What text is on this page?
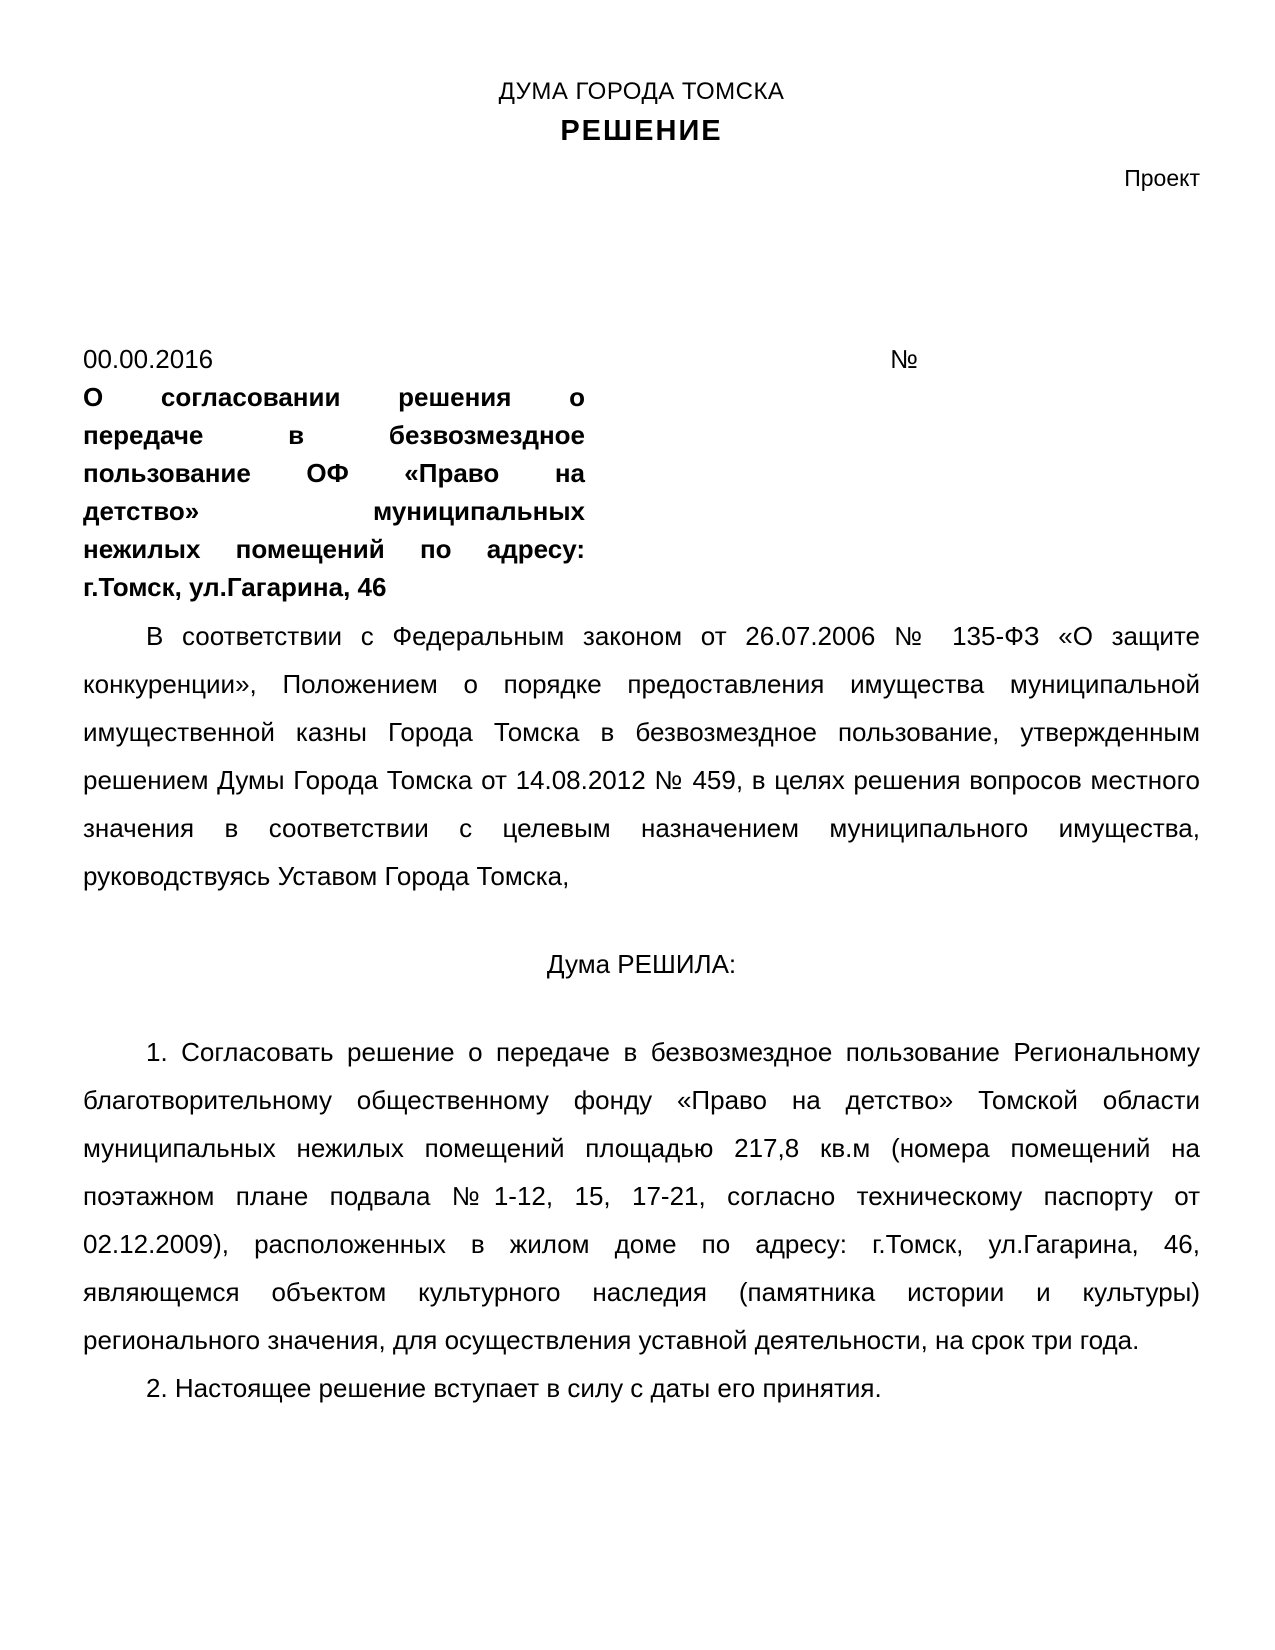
ДУМА ГОРОДА ТОМСКА
РЕШЕНИЕ
Проект
00.00.2016	№
О согласовании решения о
передаче в безвозмездное
пользование ОФ «Право на
детство» муниципальных
нежилых помещений по адресу:
г.Томск, ул.Гагарина, 46

В соответствии с Федеральным законом от 26.07.2006 № 135-ФЗ «О защите конкуренции», Положением о порядке предоставления имущества муниципальной имущественной казны Города Томска в безвозмездное пользование, утвержденным решением Думы Города Томска от 14.08.2012 № 459, в целях решения вопросов местного значения в соответствии с целевым назначением муниципального имущества, руководствуясь Уставом Города Томска,

Дума РЕШИЛА:

1. Согласовать решение о передаче в безвозмездное пользование Региональному благотворительному общественному фонду «Право на детство» Томской области муниципальных нежилых помещений площадью 217,8 кв.м (номера помещений на поэтажном плане подвала №1-12, 15, 17-21, согласно техническому паспорту от 02.12.2009), расположенных в жилом доме по адресу: г.Томск, ул.Гагарина, 46, являющемся объектом культурного наследия (памятника истории и культуры) регионального значения, для осуществления уставной деятельности, на срок три года.

2. Настоящее решение вступает в силу с даты его принятия.
